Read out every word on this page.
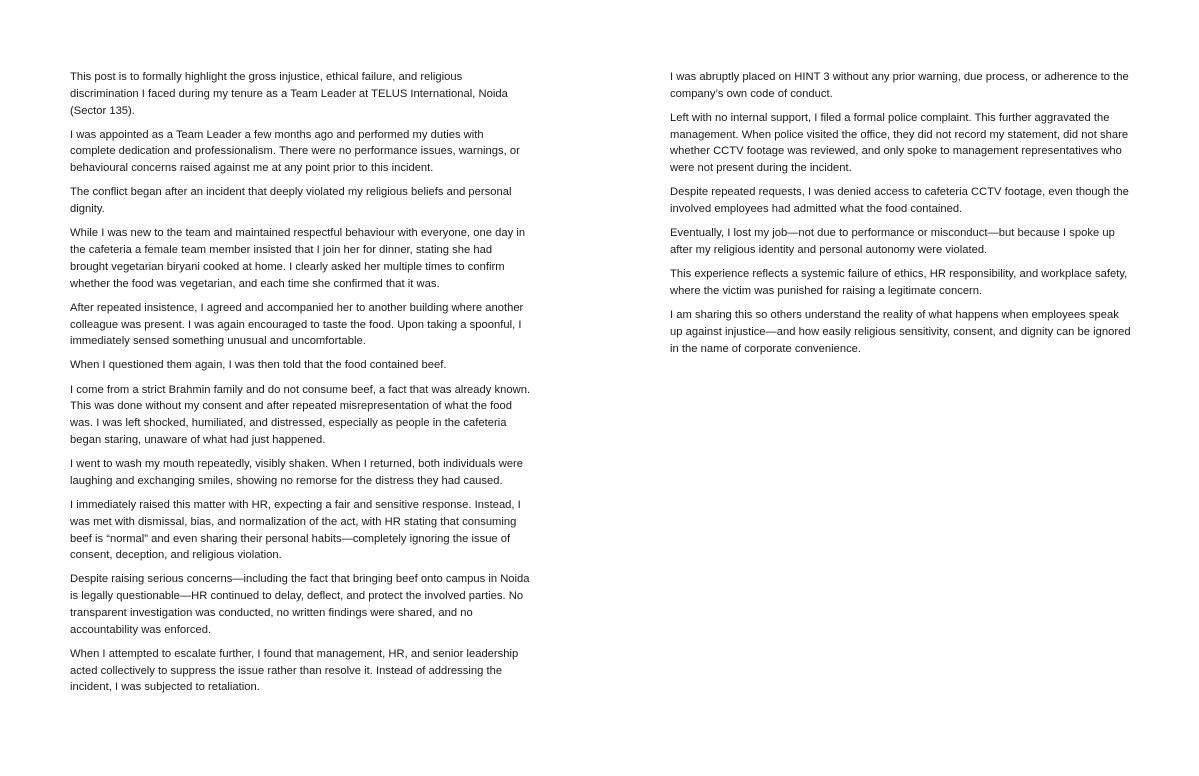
This post is to formally highlight the gross injustice, ethical failure, and religious discrimination I faced during my tenure as a Team Leader at TELUS International, Noida (Sector 135).

I was appointed as a Team Leader a few months ago and performed my duties with complete dedication and professionalism. There were no performance issues, warnings, or behavioural concerns raised against me at any point prior to this incident.

The conflict began after an incident that deeply violated my religious beliefs and personal dignity.

While I was new to the team and maintained respectful behaviour with everyone, one day in the cafeteria a female team member insisted that I join her for dinner, stating she had brought vegetarian biryani cooked at home. I clearly asked her multiple times to confirm whether the food was vegetarian, and each time she confirmed that it was.

After repeated insistence, I agreed and accompanied her to another building where another colleague was present. I was again encouraged to taste the food. Upon taking a spoonful, I immediately sensed something unusual and uncomfortable.

When I questioned them again, I was then told that the food contained beef.

I come from a strict Brahmin family and do not consume beef, a fact that was already known. This was done without my consent and after repeated misrepresentation of what the food was. I was left shocked, humiliated, and distressed, especially as people in the cafeteria began staring, unaware of what had just happened.

I went to wash my mouth repeatedly, visibly shaken. When I returned, both individuals were laughing and exchanging smiles, showing no remorse for the distress they had caused.

I immediately raised this matter with HR, expecting a fair and sensitive response. Instead, I was met with dismissal, bias, and normalization of the act, with HR stating that consuming beef is “normal” and even sharing their personal habits—completely ignoring the issue of consent, deception, and religious violation.

Despite raising serious concerns—including the fact that bringing beef onto campus in Noida is legally questionable—HR continued to delay, deflect, and protect the involved parties. No transparent investigation was conducted, no written findings were shared, and no accountability was enforced.

When I attempted to escalate further, I found that management, HR, and senior leadership acted collectively to suppress the issue rather than resolve it. Instead of addressing the incident, I was subjected to retaliation.

I was abruptly placed on HINT 3 without any prior warning, due process, or adherence to the company’s own code of conduct.

Left with no internal support, I filed a formal police complaint. This further aggravated the management. When police visited the office, they did not record my statement, did not share whether CCTV footage was reviewed, and only spoke to management representatives who were not present during the incident.

Despite repeated requests, I was denied access to cafeteria CCTV footage, even though the involved employees had admitted what the food contained.

Eventually, I lost my job—not due to performance or misconduct—but because I spoke up after my religious identity and personal autonomy were violated.

This experience reflects a systemic failure of ethics, HR responsibility, and workplace safety, where the victim was punished for raising a legitimate concern.

I am sharing this so others understand the reality of what happens when employees speak up against injustice—and how easily religious sensitivity, consent, and dignity can be ignored in the name of corporate convenience.
